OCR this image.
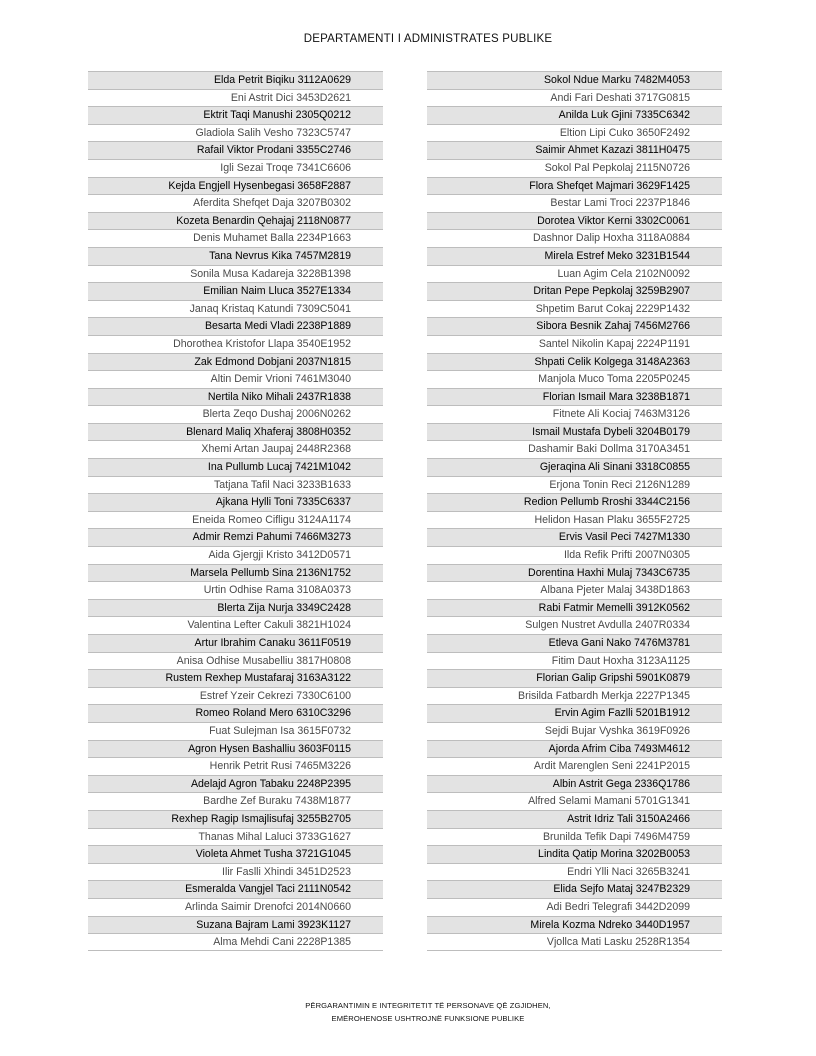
DEPARTAMENTI I ADMINISTRATES PUBLIKE
Elda Petrit Biqiku 3112A0629
Eni Astrit Dici 3453D2621
Ektrit Taqi Manushi 2305Q0212
Gladiola Salih Vesho 7323C5747
Rafail Viktor Prodani 3355C2746
Igli Sezai Troqe 7341C6606
Kejda Engjell Hysenbegasi 3658F2887
Aferdita Shefqet Daja 3207B0302
Kozeta Benardin Qehajaj 2118N0877
Denis Muhamet Balla 2234P1663
Tana Nevrus Kika 7457M2819
Sonila Musa Kadareja 3228B1398
Emilian Naim Lluca 3527E1334
Janaq Kristaq Katundi 7309C5041
Besarta Medi Vladi 2238P1889
Dhorothea Kristofor Llapa 3540E1952
Zak Edmond Dobjani 2037N1815
Altin Demir Vrioni 7461M3040
Nertila Niko Mihali 2437R1838
Blerta Zeqo Dushaj 2006N0262
Blenard Maliq Xhaferaj 3808H0352
Xhemi Artan Jaupaj 2448R2368
Ina Pullumb Lucaj 7421M1042
Tatjana Tafil Naci 3233B1633
Ajkana Hylli Toni 7335C6337
Eneida Romeo Cifligu 3124A1174
Admir Remzi Pahumi 7466M3273
Aida Gjergji Kristo 3412D0571
Marsela Pellumb Sina 2136N1752
Urtin Odhise Rama 3108A0373
Blerta Zija Nurja 3349C2428
Valentina Lefter Cakuli 3821H1024
Artur Ibrahim Canaku 3611F0519
Anisa Odhise Musabelliu 3817H0808
Rustem Rexhep Mustafaraj 3163A3122
Estref Yzeir Cekrezi 7330C6100
Romeo Roland Mero 6310C3296
Fuat Sulejman Isa 3615F0732
Agron Hysen Bashalliu 3603F0115
Henrik Petrit Rusi 7465M3226
Adelajd Agron Tabaku 2248P2395
Bardhe Zef Buraku 7438M1877
Rexhep Ragip Ismajlisufaj 3255B2705
Thanas Mihal Laluci 3733G1627
Violeta Ahmet Tusha 3721G1045
Ilir Faslli Xhindi 3451D2523
Esmeralda Vangjel Taci 2111N0542
Arlinda Saimir Drenofci 2014N0660
Suzana Bajram Lami 3923K1127
Alma Mehdi Cani 2228P1385
Sokol Ndue Marku 7482M4053
Andi Fari Deshati 3717G0815
Anilda Luk Gjini 7335C6342
Eltion Lipi Cuko 3650F2492
Saimir Ahmet Kazazi 3811H0475
Sokol Pal Pepkolaj 2115N0726
Flora Shefqet Majmari 3629F1425
Bestar Lami Troci 2237P1846
Dorotea Viktor Kerni 3302C0061
Dashnor Dalip Hoxha 3118A0884
Mirela Estref Meko 3231B1544
Luan Agim Cela 2102N0092
Dritan Pepe Pepkolaj 3259B2907
Shpetim Barut Cokaj 2229P1432
Sibora Besnik Zahaj 7456M2766
Santel Nikolin Kapaj 2224P1191
Shpati Celik Kolgega 3148A2363
Manjola Muco Toma 2205P0245
Florian Ismail Mara 3238B1871
Fitnete Ali Kociaj 7463M3126
Ismail Mustafa Dybeli 3204B0179
Dashamir Baki Dollma 3170A3451
Gjeraqina Ali Sinani 3318C0855
Erjona Tonin Reci 2126N1289
Redion Pellumb Rroshi 3344C2156
Helidon Hasan Plaku 3655F2725
Ervis Vasil Peci 7427M1330
Ilda Refik Prifti 2007N0305
Dorentina Haxhi Mulaj 7343C6735
Albana Pjeter Malaj 3438D1863
Rabi Fatmir Memelli 3912K0562
Sulgen Nustret Avdulla 2407R0334
Etleva Gani Nako 7476M3781
Fitim Daut Hoxha 3123A1125
Florian Galip Gripshi 5901K0879
Brisilda Fatbardh Merkja 2227P1345
Ervin Agim Fazlli 5201B1912
Sejdi Bujar Vyshka 3619F0926
Ajorda Afrim Ciba 7493M4612
Ardit Marenglen Seni 2241P2015
Albin Astrit Gega 2336Q1786
Alfred Selami Mamani 5701G1341
Astrit Idriz Tali 3150A2466
Brunilda Tefik Dapi 7496M4759
Lindita Qatip Morina 3202B0053
Endri Ylli Naci 3265B3241
Elida Sejfo Mataj 3247B2329
Adi Bedri Telegrafi 3442D2099
Mirela Kozma Ndreko 3440D1957
Vjollca Mati Lasku 2528R1354
PËRGARANTIMIN E INTEGRITETIT TË PERSONAVE QË ZGJIDHEN,
EMËROHENOSE USHTROJNË FUNKSIONE PUBLIKE
